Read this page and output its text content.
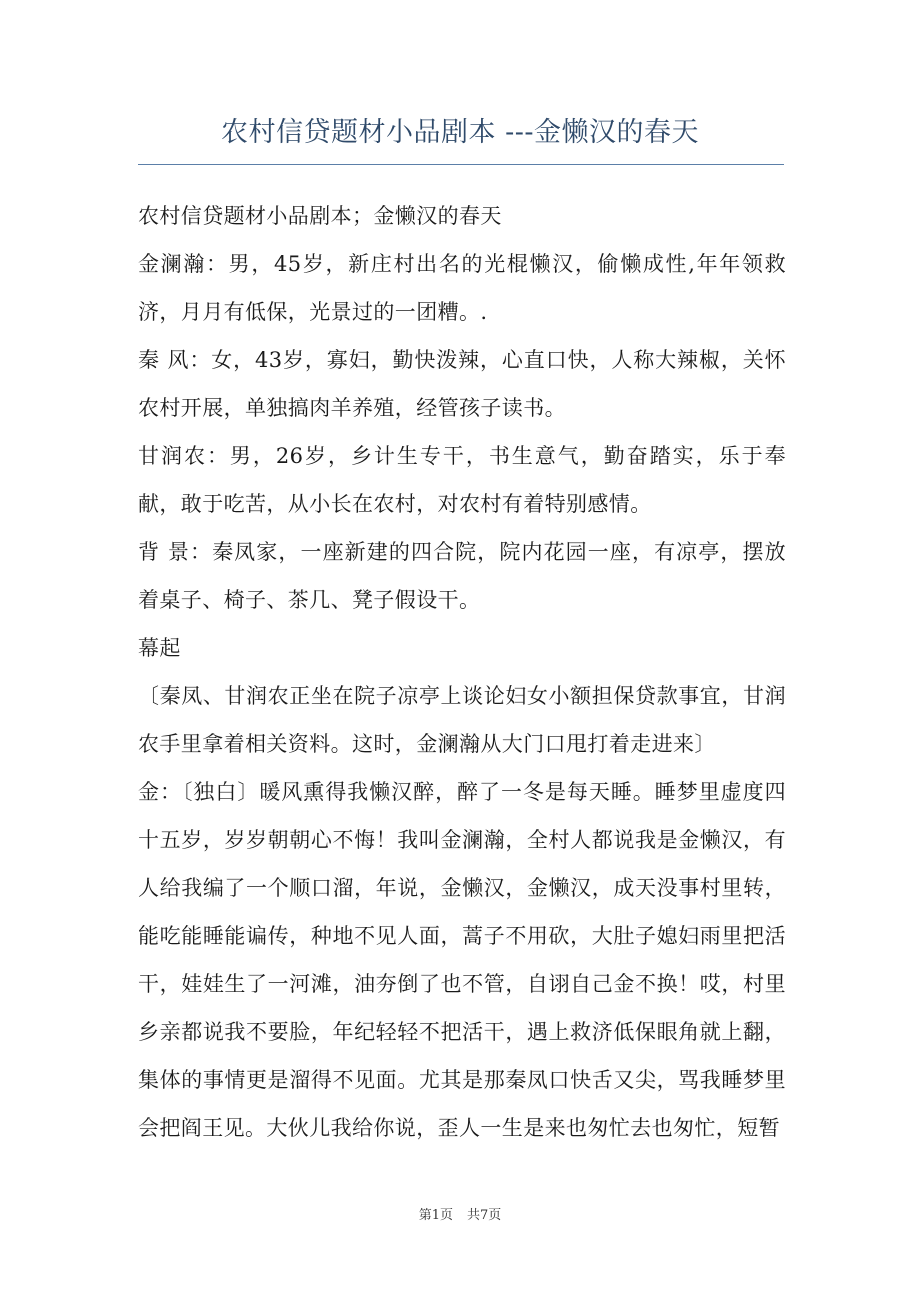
农村信贷题材小品剧本 ---金懒汉的春天

农村信贷题材小品剧本；金懒汉的春天

金澜瀚：男，45岁，新庄村出名的光棍懒汉，偷懒成性,年年领救济，月月有低保，光景过的一团糟。.

秦 风：女，43岁，寡妇，勤快泼辣，心直口快，人称大辣椒，关怀农村开展，单独搞肉羊养殖，经管孩子读书。

甘润农：男，26岁，乡计生专干，书生意气，勤奋踏实，乐于奉献，敢于吃苦，从小长在农村，对农村有着特别感情。

背 景：秦凤家，一座新建的四合院，院内花园一座，有凉亭，摆放着桌子、椅子、茶几、凳子假设干。

幕起

〔秦凤、甘润农正坐在院子凉亭上谈论妇女小额担保贷款事宜，甘润农手里拿着相关资料。这时，金澜瀚从大门口甩打着走进来〕

金：〔独白〕暖风熏得我懒汉醉，醉了一冬是每天睡。睡梦里虚度四十五岁，岁岁朝朝心不悔！我叫金澜瀚，全村人都说我是金懒汉，有人给我编了一个顺口溜，年说，金懒汉，金懒汉，成天没事村里转，能吃能睡能谝传，种地不见人面，蒿子不用砍，大肚子媳妇雨里把活干，娃娃生了一河滩，油夯倒了也不管，自诩自己金不换！哎，村里乡亲都说我不要脸，年纪轻轻不把活干，遇上救济低保眼角就上翻，集体的事情更是溜得不见面。尤其是那秦凤口快舌又尖，骂我睡梦里会把阎王见。大伙儿我给你说，歪人一生是来也匆忙去也匆忙，短暂

第1页 共7页
